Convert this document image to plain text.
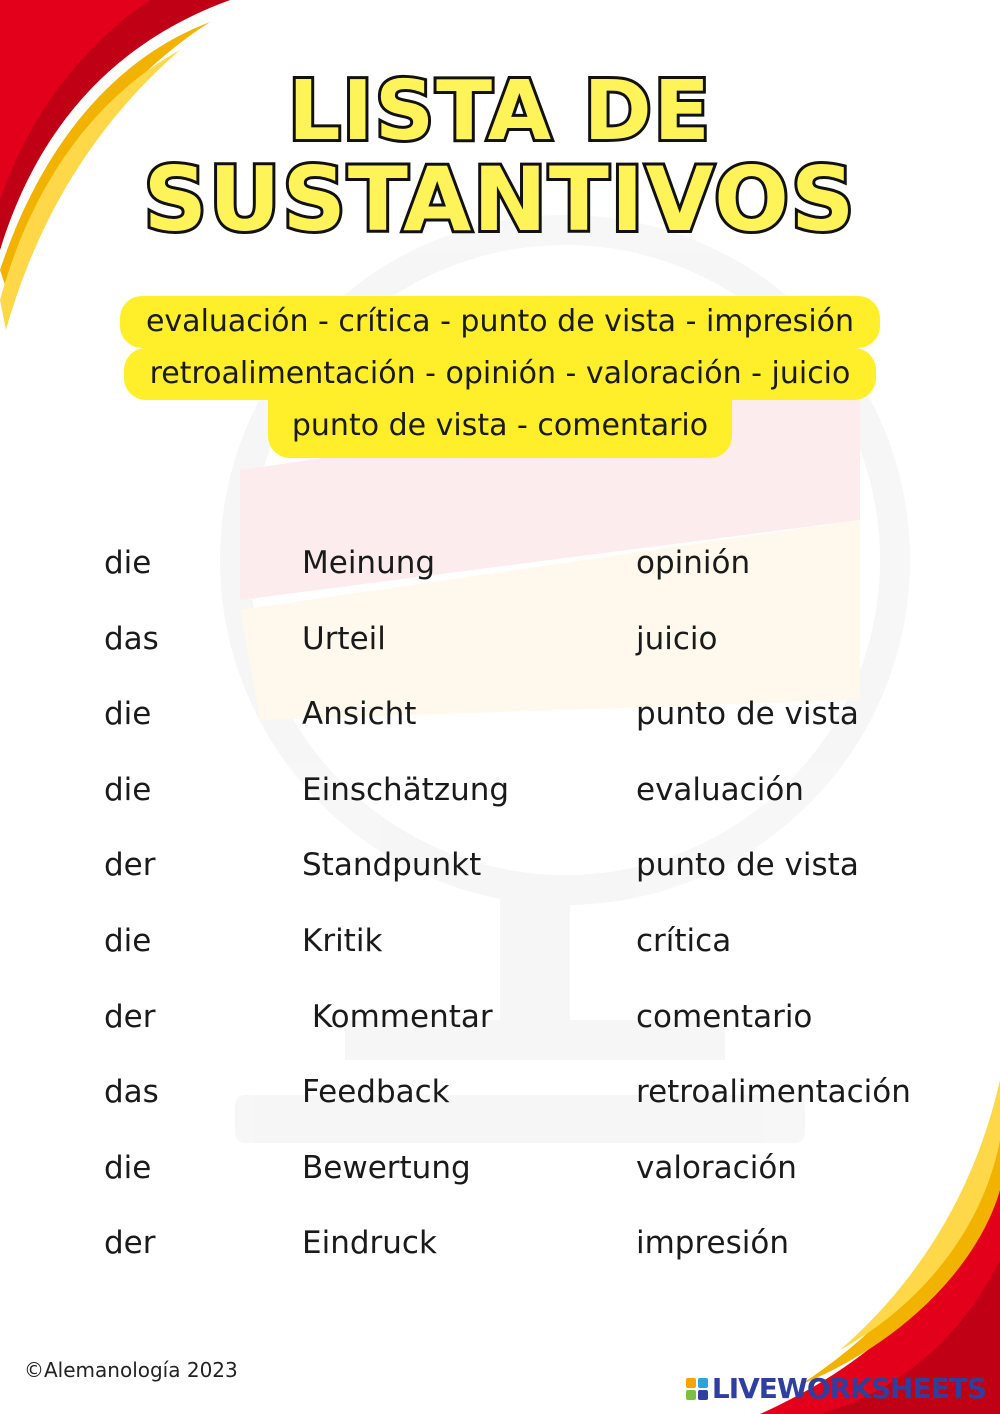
LISTA DE
SUSTANTIVOS
evaluación - crítica - punto de vista - impresión
retroalimentación - opinión - valoración - juicio
punto de vista - comentario
die	Meinung	opinión
das	Urteil	juicio
die	Ansicht	punto de vista
die	Einschätzung	evaluación
der	Standpunkt	punto de vista
die	Kritik	crítica
der	Kommentar	comentario
das	Feedback	retroalimentación
die	Bewertung	valoración
der	Eindruck	impresión
©Alemanología 2023
LIVEWORKSHEETS
